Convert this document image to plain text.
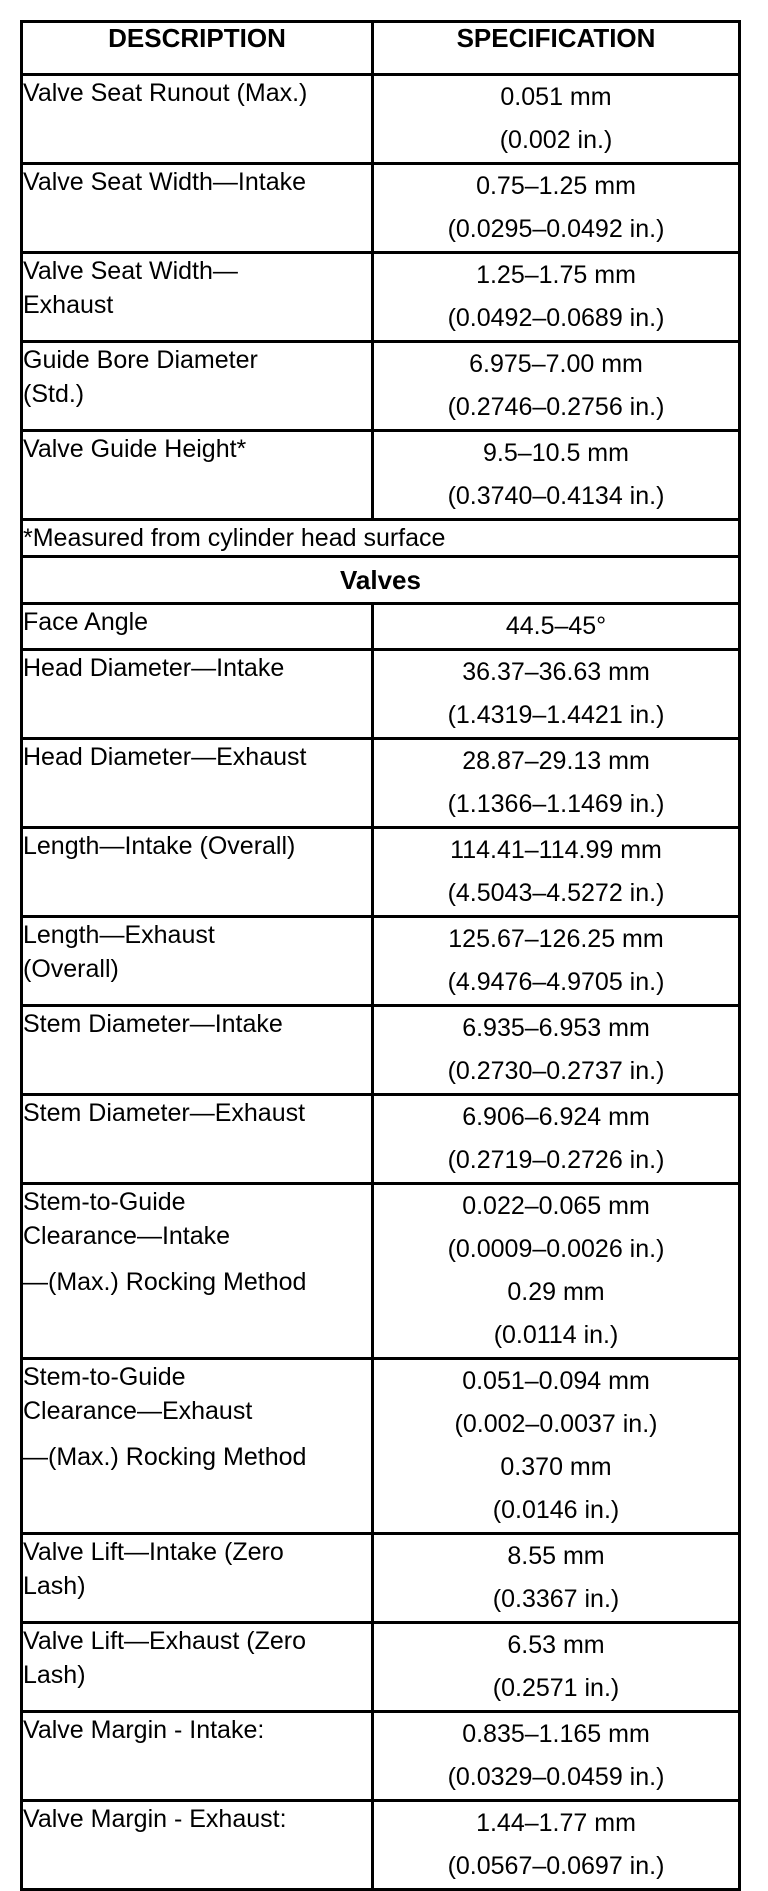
DESCRIPTION	SPECIFICATION

Valve Seat Runout (Max.)	0.051 mm
(0.002 in.)

Valve Seat Width—Intake	0.75–1.25 mm
(0.0295–0.0492 in.)

Valve Seat Width—
Exhaust	1.25–1.75 mm
(0.0492–0.0689 in.)

Guide Bore Diameter
(Std.)	6.975–7.00 mm
(0.2746–0.2756 in.)

Valve Guide Height*	9.5–10.5 mm
(0.3740–0.4134 in.)

*Measured from cylinder head surface	
Valves	

Face Angle	44.5–45°

Head Diameter—Intake	36.37–36.63 mm
(1.4319–1.4421 in.)

Head Diameter—Exhaust	28.87–29.13 mm
(1.1366–1.1469 in.)

Length—Intake (Overall)	114.41–114.99 mm
(4.5043–4.5272 in.)

Length—Exhaust
(Overall)	125.67–126.25 mm
(4.9476–4.9705 in.)

Stem Diameter—Intake	6.935–6.953 mm
(0.2730–0.2737 in.)

Stem Diameter—Exhaust	6.906–6.924 mm
(0.2719–0.2726 in.)

Stem-to-Guide
Clearance—Intake
—(Max.) Rocking Method	0.022–0.065 mm
(0.0009–0.0026 in.)
0.29 mm
(0.0114 in.)

Stem-to-Guide
Clearance—Exhaust
—(Max.) Rocking Method	0.051–0.094 mm
(0.002–0.0037 in.)
0.370 mm
(0.0146 in.)

Valve Lift—Intake (Zero
Lash)	8.55 mm
(0.3367 in.)

Valve Lift—Exhaust (Zero
Lash)	6.53 mm
(0.2571 in.)

Valve Margin - Intake:	0.835–1.165 mm
(0.0329–0.0459 in.)

Valve Margin - Exhaust:	1.44–1.77 mm
(0.0567–0.0697 in.)
